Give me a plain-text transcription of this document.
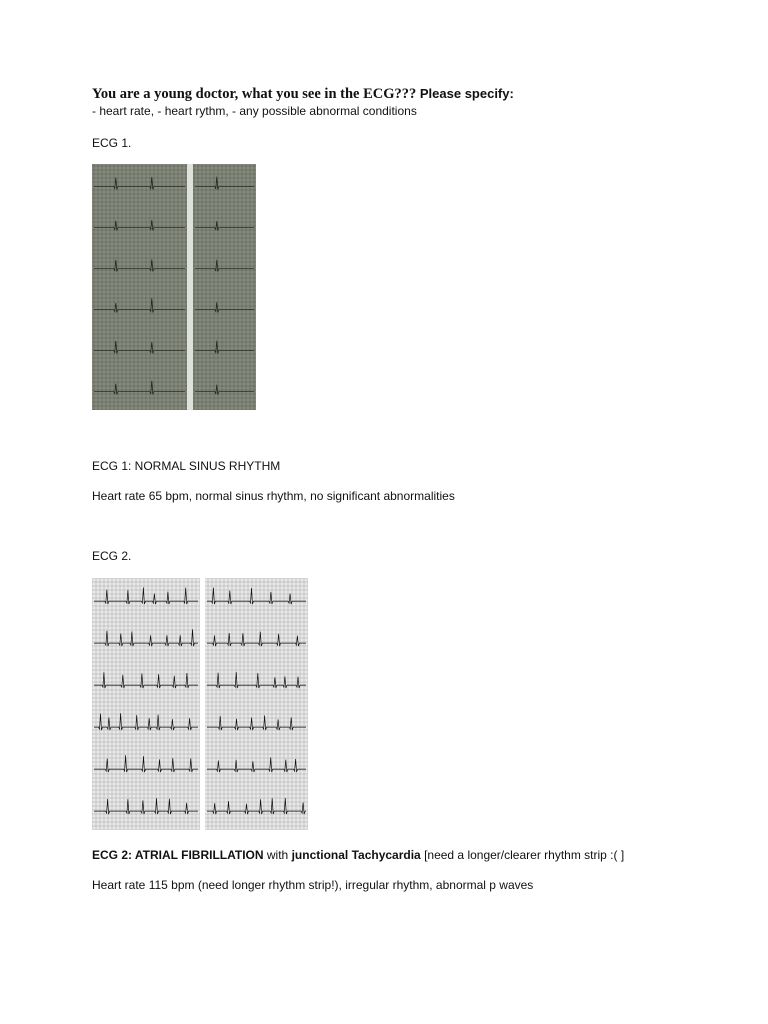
You are a young doctor, what you see in the ECG??? Please specify:
- heart rate, - heart rythm, - any possible abnormal conditions
ECG 1.
ECG 1: NORMAL SINUS RHYTHM
Heart rate 65 bpm, normal sinus rhythm, no significant abnormalities
ECG 2.
ECG 2: ATRIAL FIBRILLATION with junctional Tachycardia [need a longer/clearer rhythm strip :( ]
Heart rate 115 bpm (need longer rhythm strip!), irregular rhythm, abnormal p waves
